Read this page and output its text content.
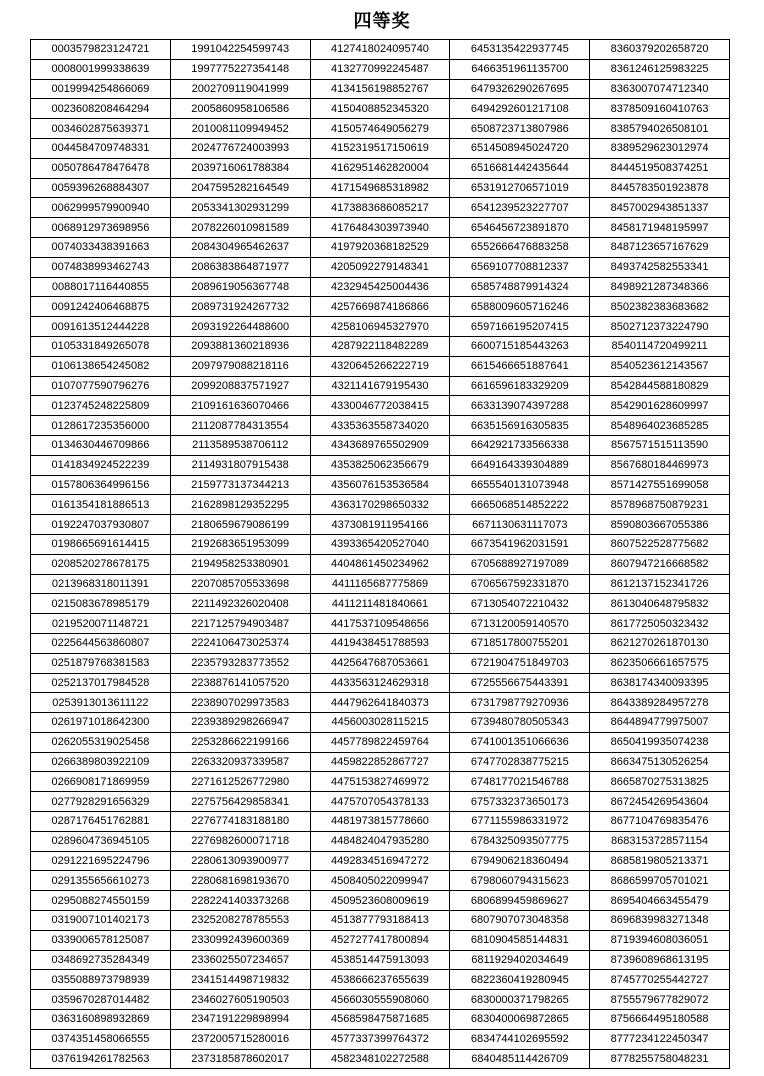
四等奖
0003579823124721	1991042254599743	4127418024095740	6453135422937745	8360379202658720
0008001999338639	1997775227354148	4132770992245487	6466351961135700	8361246125983225
0019994254866069	2002709119041999	4134156198852767	6479326290267695	8363007074712340
0023608208464294	2005860958106586	4150408852345320	6494292601217108	8378509160410763
0034602875639371	2010081109949452	4150574649056279	6508723713807986	8385794026508101
0044584709748331	2024776724003993	4152319517150619	6514508945024720	8389529623012974
0050786478476478	2039716061788384	4162951462820004	6516681442435644	8444519508374251
0059396268884307	2047595282164549	4171549685318982	6531912706571019	8445783501923878
0062999579900940	2053341302931299	4173883686085217	6541239523227707	8457002943851337
0068912973698956	2078226010981589	4176484303973940	6546456723891870	8458171948195997
0074033438391663	2084304965462637	4197920368182529	6552666476883258	8487123657167629
0074838993462743	2086383864871977	4205092279148341	6569107708812337	8493742582553341
0088017116440855	2089619056367748	4232945425004436	6585748879914324	8498921287348366
0091242406468875	2089731924267732	4257669874186866	6588009605716246	8502382383683682
0091613512444228	2093192264488600	4258106945327970	6597166195207415	8502712373224790
0105331849265078	2093881360218936	4287922118482289	6600715185443263	8540114720499211
0106138654245082	2097979088218116	4320645266222719	6615466651887641	8540523612143567
0107077590796276	2099208837571927	4321141679195430	6616596183329209	8542844588180829
0123745248225809	2109161636070466	4330046772038415	6633139074397288	8542901628609997
0128617235356000	2112087784313554	4335363558734020	6635156916305835	8548964023685285
0134630446709866	2113589538706112	4343689765502909	6642921733566338	8567571515113590
0141834924522239	2114931807915438	4353825062356679	6649164339304889	8567680184469973
0157806364996156	2159773137344213	4356076153536584	6655540131073948	8571427551699058
0161354181886513	2162898129352295	4363170298650332	6665068514852222	8578968750879231
0192247037930807	2180659679086199	4373081911954166	6671130631117073	8590803667055386
0198665691614415	2192683651953099	4393365420527040	6673541962031591	8607522528775682
0208520278678175	2194958253380901	4404861450234962	6705688927197089	8607947216668582
0213968318011391	2207085705533698	4411165687775869	6706567592331870	8612137152341726
0215083678985179	2211492326020408	4411211481840661	6713054072210432	8613040648795832
0219520071148721	2217125794903487	4417537109548656	6713120059140570	8617725050323432
0225644563860807	2224106473025374	4419438451788593	6718517800755201	8621270261870130
0251879768381583	2235793283773552	4425647687053661	6721904751849703	8623506661657575
0252137017984528	2238876141057520	4433563124629318	6725556675443391	8638174340093395
0253913013611122	2238907029973583	4447962641840373	6731798779270936	8643389284957278
0261971018642300	2239389298266947	4456003028115215	6739480780505343	8644894779975007
0262055319025458	2253286622199166	4457789822459764	6741001351066636	8650419935074238
0266389803922109	2263320937339587	4459822852867727	6747702838775215	8663475130526254
0266908171869959	2271612526772980	4475153827469972	6748177021546788	8665870275313825
0277928291656329	2275756429858341	4475707054378133	6757332373650173	8672454269543604
0287176451762881	2276774183188180	4481973815778660	6771155986331972	8677104769835476
0289604736945105	2276982600071718	4484824047935280	6784325093507775	8683153728571154
0291221695224796	2280613093900977	4492834516947272	6794906218360494	8685819805213371
0291355656610273	2280681698193670	4508405022099947	6798060794315623	8686599705701021
0295088274550159	2282241403373268	4509523608009619	6806899459869627	8695404663455479
0319007101402173	2325208278785553	4513877793188413	6807907073048358	8696839983271348
0339006578125087	2330992439600369	4527277417800894	6810904585144831	8719394608036051
0348692735284349	2336025507234657	4538514475913093	6811929402034649	8739608968613195
0355088973798939	2341514498719832	4538666237655639	6822360419280945	8745770255442727
0359670287014482	2346027605190503	4566030555908060	6830000371798265	8755579677829072
0363160898932869	2347191229898994	4568598475871685	6830400069872865	8756664495180588
0374351458066555	2372005715280016	4577337399764372	6834744102695592	8777234122450347
0376194261782563	2373185878602017	4582348102272588	6840485114426709	8778255758048231
